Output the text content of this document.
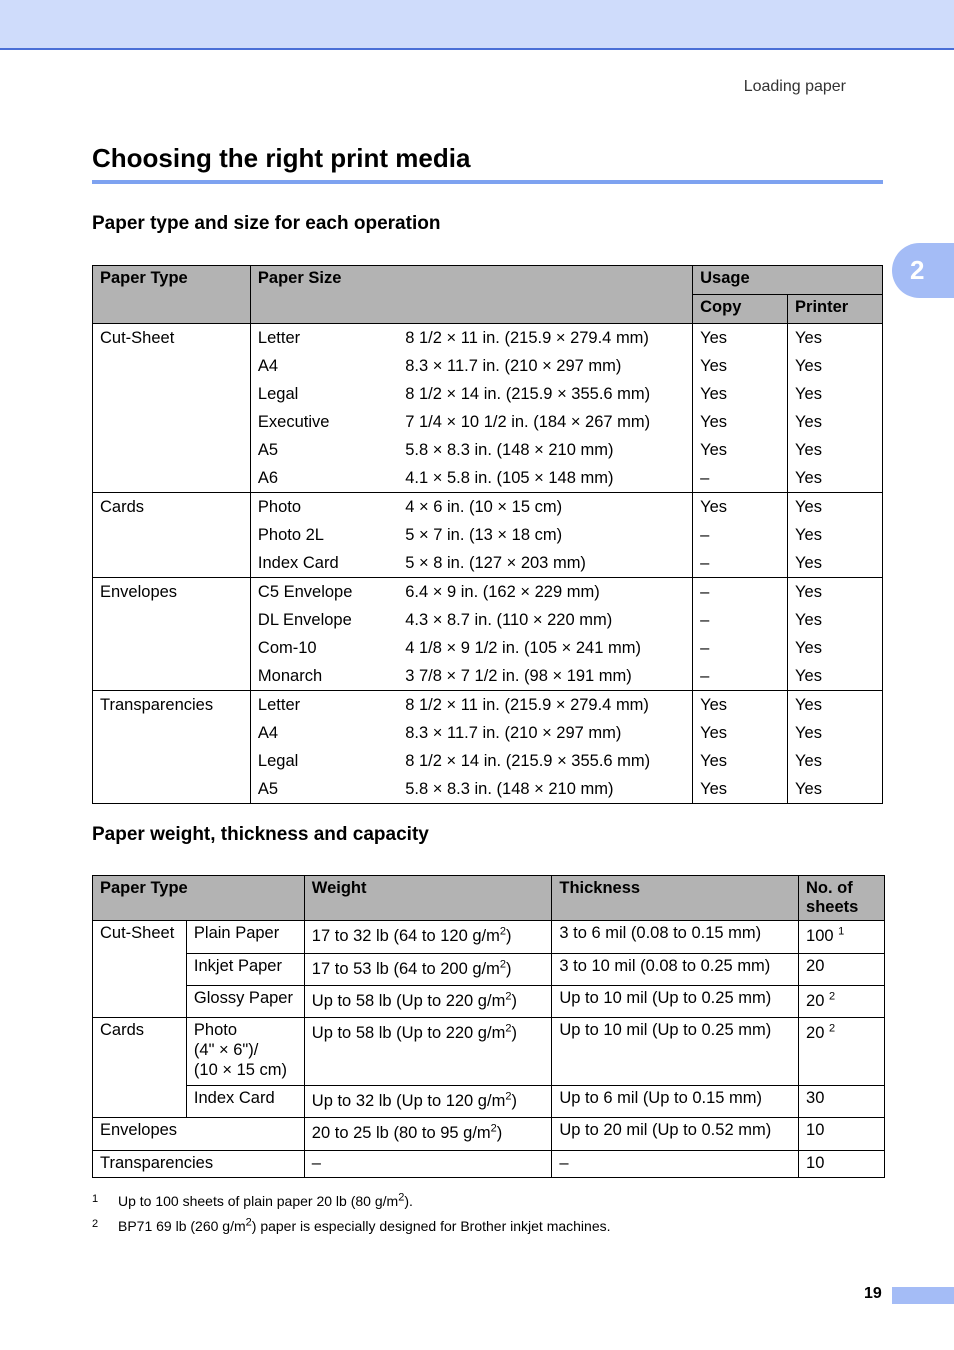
Loading paper
2
Choosing the right print media
Paper type and size for each operation
Paper Type	Paper Size		Usage	
			Copy	Printer
Cut-Sheet	Letter	8 1/2 × 11 in. (215.9 × 279.4 mm)	Yes	Yes
	A4	8.3 × 11.7 in. (210 × 297 mm)	Yes	Yes
	Legal	8 1/2 × 14 in. (215.9 × 355.6 mm)	Yes	Yes
	Executive	7 1/4 × 10 1/2 in. (184 × 267 mm)	Yes	Yes
	A5	5.8 × 8.3 in. (148 × 210 mm)	Yes	Yes
	A6	4.1 × 5.8 in. (105 × 148 mm)	–	Yes
Cards	Photo	4 × 6 in. (10 × 15 cm)	Yes	Yes
	Photo 2L	5 × 7 in. (13 × 18 cm)	–	Yes
	Index Card	5 × 8 in. (127 × 203 mm)	–	Yes
Envelopes	C5 Envelope	6.4 × 9 in. (162 × 229 mm)	–	Yes
	DL Envelope	4.3 × 8.7 in. (110 × 220 mm)	–	Yes
	Com-10	4 1/8 × 9 1/2 in. (105 × 241 mm)	–	Yes
	Monarch	3 7/8 × 7 1/2 in. (98 × 191 mm)	–	Yes
Transparencies	Letter	8 1/2 × 11 in. (215.9 × 279.4 mm)	Yes	Yes
	A4	8.3 × 11.7 in. (210 × 297 mm)	Yes	Yes
	Legal	8 1/2 × 14 in. (215.9 × 355.6 mm)	Yes	Yes
	A5	5.8 × 8.3 in. (148 × 210 mm)	Yes	Yes
Paper weight, thickness and capacity
Paper Type		Weight	Thickness	No. of sheets
Cut-Sheet	Plain Paper	17 to 32 lb (64 to 120 $g/m^2$)	3 to 6 mil (0.08 to 0.15 mm)	100 $^1$
	Inkjet Paper	17 to 53 lb (64 to 200 $g/m^2$)	3 to 10 mil (0.08 to 0.25 mm)	20
	Glossy Paper	Up to 58 lb (Up to 220 $g/m^2$)	Up to 10 mil (Up to 0.25 mm)	20 $^2$
Cards	Photo
(4" × 6")/
(10 × 15 cm)	Up to 58 lb (Up to 220 $g/m^2$)	Up to 10 mil (Up to 0.25 mm)	20 $^2$
	Index Card	Up to 32 lb (Up to 120 $g/m^2$)	Up to 6 mil (Up to 0.15 mm)	30
Envelopes		20 to 25 lb (80 to 95 $g/m^2$)	Up to 20 mil (Up to 0.52 mm)	10
Transparencies		–	–	10
1 Up to 100 sheets of plain paper 20 lb (80 $g/m^2$).
2 BP71 69 lb (260 $g/m^2$) paper is especially designed for Brother inkjet machines.
19
